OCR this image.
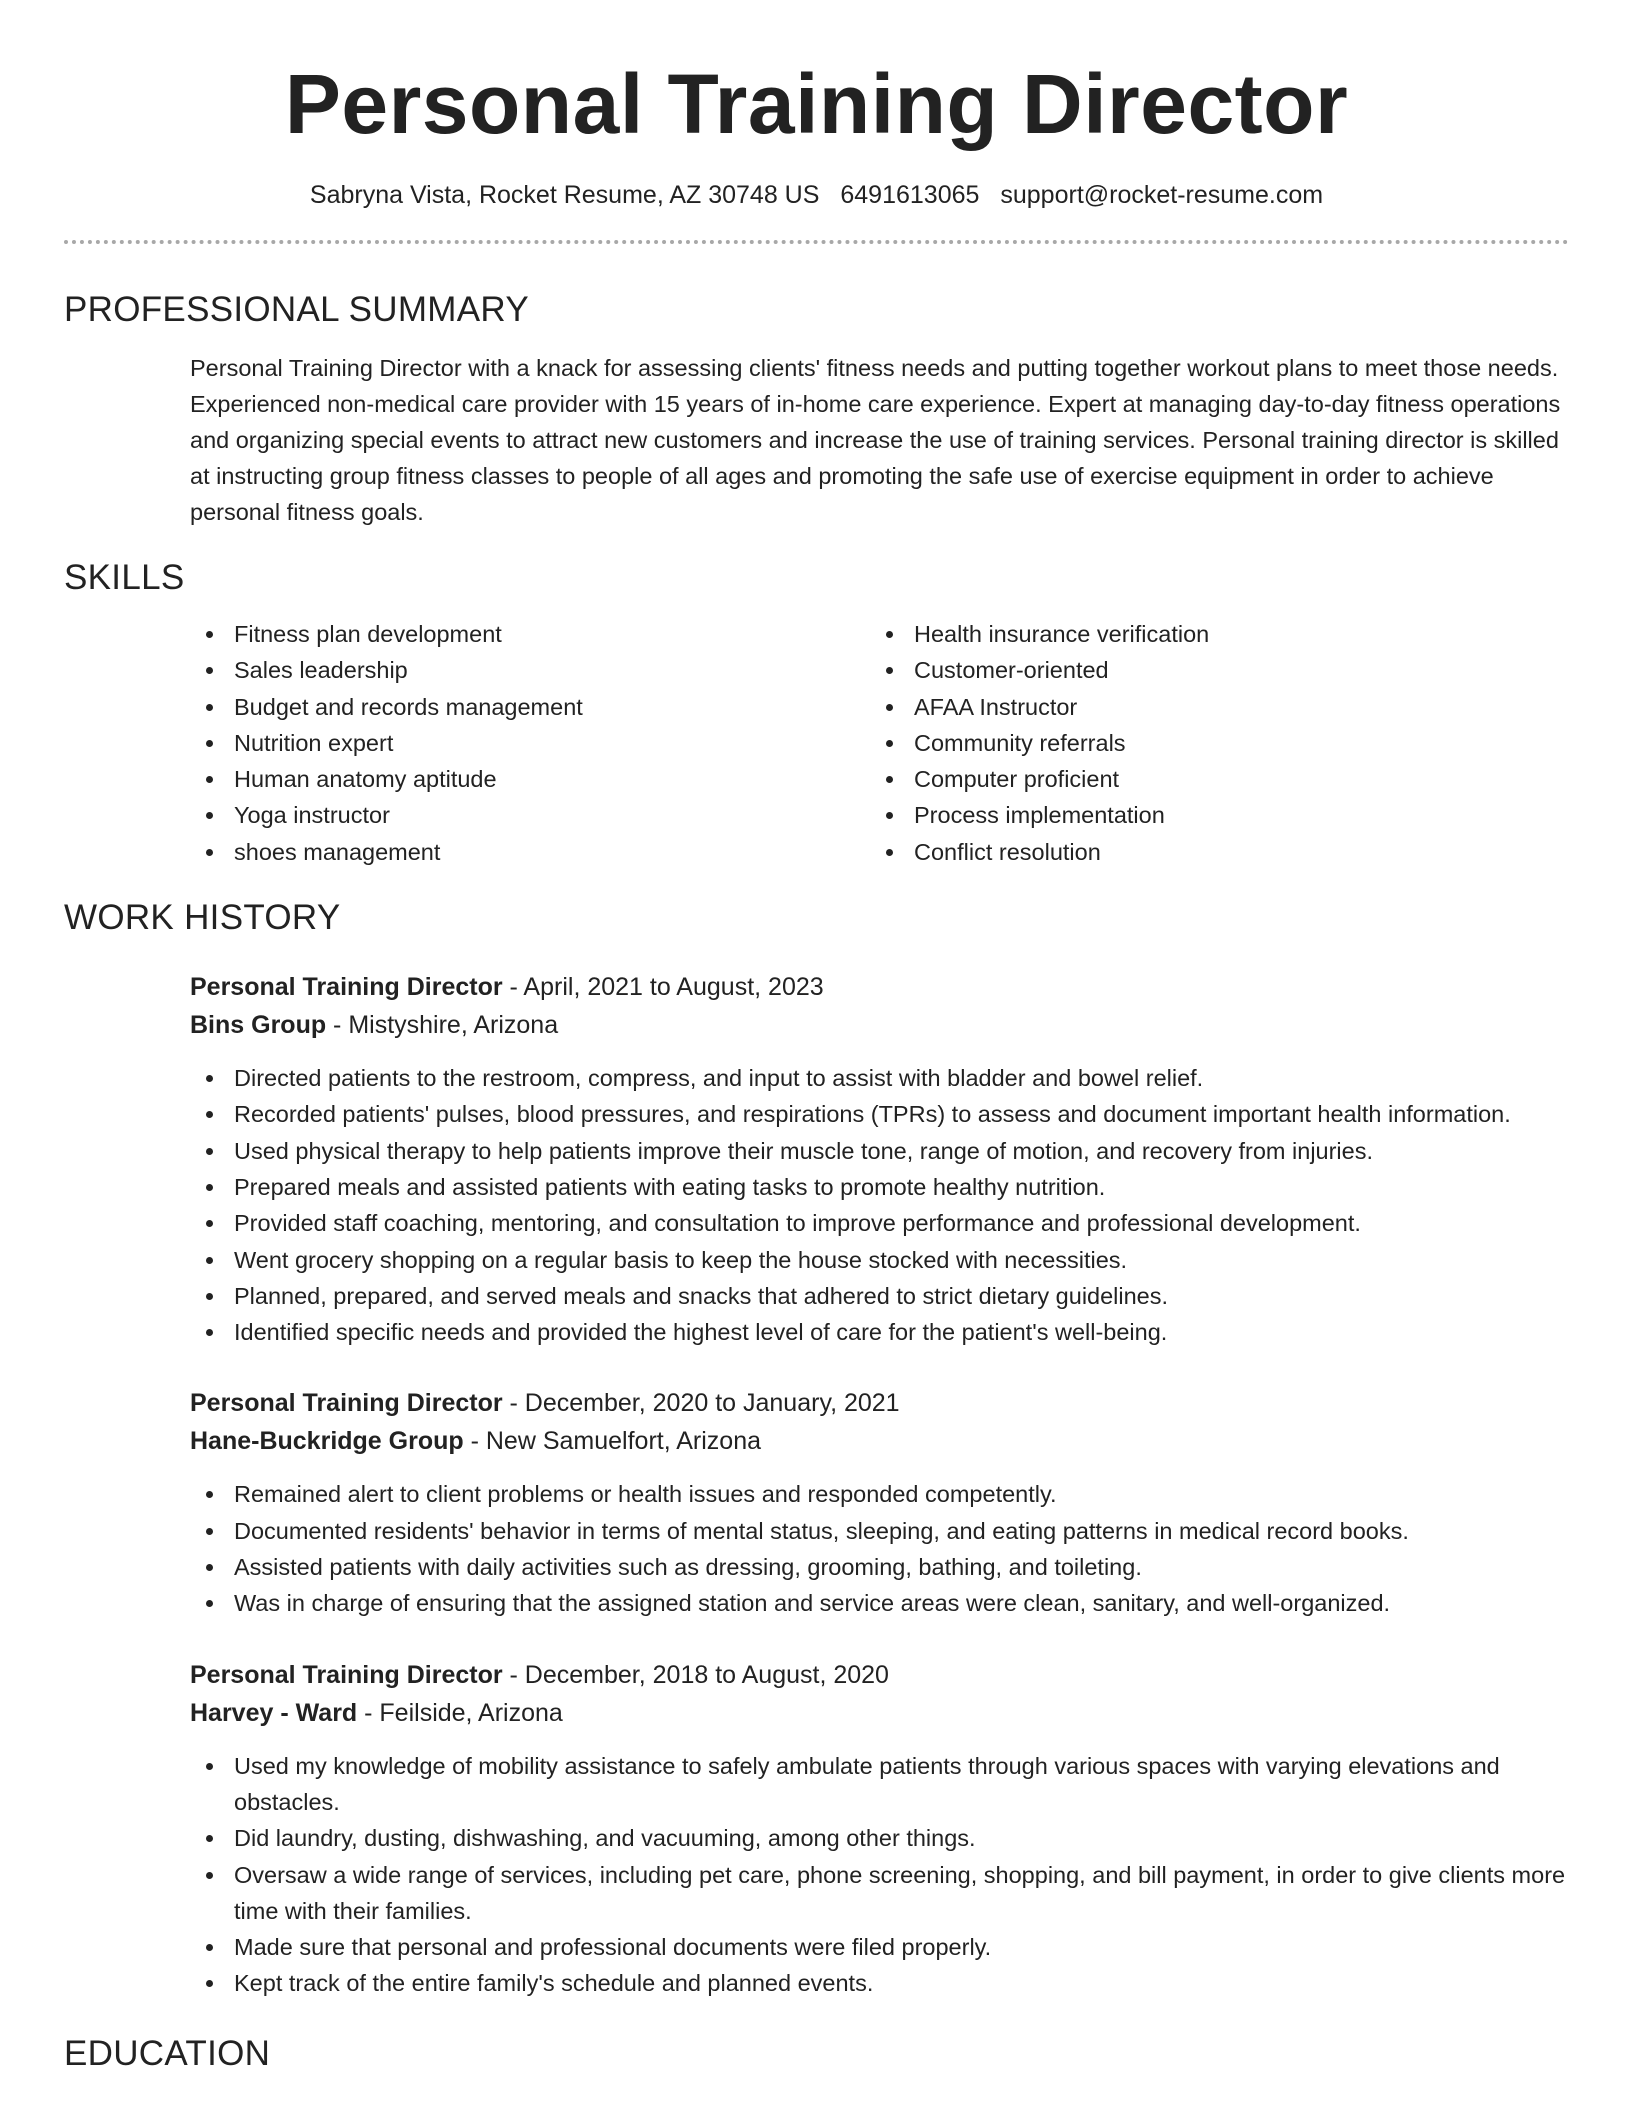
Personal Training Director
Sabryna Vista, Rocket Resume, AZ 30748 US 6491613065 support@rocket-resume.com
PROFESSIONAL SUMMARY
Personal Training Director with a knack for assessing clients' fitness needs and putting together workout plans to meet those needs. Experienced non-medical care provider with 15 years of in-home care experience. Expert at managing day-to-day fitness operations and organizing special events to attract new customers and increase the use of training services. Personal training director is skilled at instructing group fitness classes to people of all ages and promoting the safe use of exercise equipment in order to achieve personal fitness goals.
SKILLS
Fitness plan development
Sales leadership
Budget and records management
Nutrition expert
Human anatomy aptitude
Yoga instructor
shoes management
Health insurance verification
Customer-oriented
AFAA Instructor
Community referrals
Computer proficient
Process implementation
Conflict resolution
WORK HISTORY
Personal Training Director - April, 2021 to August, 2023
Bins Group - Mistyshire, Arizona
Directed patients to the restroom, compress, and input to assist with bladder and bowel relief.
Recorded patients' pulses, blood pressures, and respirations (TPRs) to assess and document important health information.
Used physical therapy to help patients improve their muscle tone, range of motion, and recovery from injuries.
Prepared meals and assisted patients with eating tasks to promote healthy nutrition.
Provided staff coaching, mentoring, and consultation to improve performance and professional development.
Went grocery shopping on a regular basis to keep the house stocked with necessities.
Planned, prepared, and served meals and snacks that adhered to strict dietary guidelines.
Identified specific needs and provided the highest level of care for the patient's well-being.
Personal Training Director - December, 2020 to January, 2021
Hane-Buckridge Group - New Samuelfort, Arizona
Remained alert to client problems or health issues and responded competently.
Documented residents' behavior in terms of mental status, sleeping, and eating patterns in medical record books.
Assisted patients with daily activities such as dressing, grooming, bathing, and toileting.
Was in charge of ensuring that the assigned station and service areas were clean, sanitary, and well-organized.
Personal Training Director - December, 2018 to August, 2020
Harvey - Ward - Feilside, Arizona
Used my knowledge of mobility assistance to safely ambulate patients through various spaces with varying elevations and obstacles.
Did laundry, dusting, dishwashing, and vacuuming, among other things.
Oversaw a wide range of services, including pet care, phone screening, shopping, and bill payment, in order to give clients more time with their families.
Made sure that personal and professional documents were filed properly.
Kept track of the entire family's schedule and planned events.
EDUCATION
